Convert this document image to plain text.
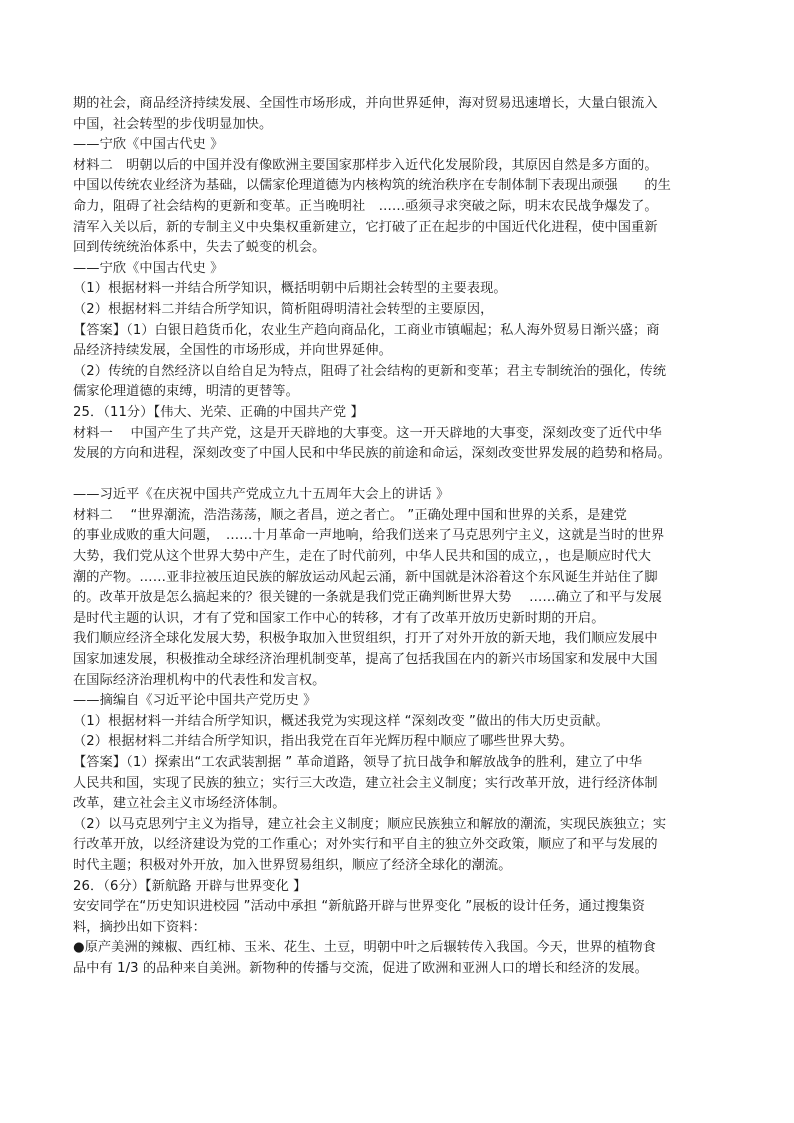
期的社会，商品经济持续发展、全国性市场形成，并向世界延伸，海对贸易迅速增长，大量白银流入
中国，社会转型的步伐明显加快。
——宁欣《中国古代史 》
材料二　明朝以后的中国并没有像欧洲主要国家那样步入近代化发展阶段，其原因自然是多方面的。
中国以传统农业经济为基础，以儒家伦理道德为内核构筑的统治秩序在专制体制下表现出顽强　　的生
命力，阻碍了社会结构的更新和变革。正当晚明社　……亟须寻求突破之际，明末农民战争爆发了。
清军入关以后，新的专制主义中央集权重新建立，它打破了正在起步的中国近代化进程，使中国重新
回到传统统治体系中，失去了蜕变的机会。
——宁欣《中国古代史 》
（1）根据材料一并结合所学知识，概括明朝中后期社会转型的主要表现。
（2）根据材料二并结合所学知识，简析阻碍明清社会转型的主要原因，
【答案】（1）白银日趋货币化，农业生产趋向商品化，工商业市镇崛起；私人海外贸易日渐兴盛；商
品经济持续发展，全国性的市场形成，并向世界延伸。
（2）传统的自然经济以自给自足为特点，阻碍了社会结构的更新和变革；君主专制统治的强化，传统
儒家伦理道德的束缚，明清的更替等。
25．（11分）【伟大、光荣、正确的中国共产党 】
材料一　 中国产生了共产党，这是开天辟地的大事变。这一开天辟地的大事变，深刻改变了近代中华
发展的方向和进程，深刻改变了中国人民和中华民族的前途和命运，深刻改变世界发展的趋势和格局。
——习近平《在庆祝中国共产党成立九十五周年大会上的讲话 》
材料二　 “世界潮流，浩浩荡荡，顺之者昌，逆之者亡。 ”正确处理中国和世界的关系，是建党
的事业成败的重大问题，　……十月革命一声地响，给我们送来了马克思列宁主义，这就是当时的世界
大势，我们党从这个世界大势中产生，走在了时代前列，中华人民共和国的成立，，也是顺应时代大
潮的产物。……亚非拉被压迫民族的解放运动风起云涌，新中国就是沐浴着这个东风诞生并站住了脚
的。改革开放是怎么搞起来的？很关键的一条就是我们党正确判断世界大势　 ……确立了和平与发展
是时代主题的认识，才有了党和国家工作中心的转移，才有了改革开放历史新时期的开启。
我们顺应经济全球化发展大势，积极争取加入世贸组织，打开了对外开放的新天地，我们顺应发展中
国家加速发展，积极推动全球经济治理机制变革，提高了包括我国在内的新兴市场国家和发展中大国
在国际经济治理机构中的代表性和发言权。
——摘编自《习近平论中国共产党历史 》
（1）根据材料一并结合所学知识，概述我党为实现这样 “深刻改变 ”做出的伟大历史贡献。
（2）根据材料二并结合所学知识，指出我党在百年光辉历程中顺应了哪些世界大势。
【答案】（1）探索出“工农武装割据 ” 革命道路，领导了抗日战争和解放战争的胜利，建立了中华
人民共和国，实现了民族的独立；实行三大改造，建立社会主义制度；实行改革开放，进行经济体制
改革，建立社会主义市场经济体制。
（2）以马克思列宁主义为指导，建立社会主义制度；顺应民族独立和解放的潮流，实现民族独立；实
行改革开放，以经济建设为党的工作重心；对外实行和平自主的独立外交政策，顺应了和平与发展的
时代主题；积极对外开放，加入世界贸易组织，顺应了经济全球化的潮流。
26．（6分）【新航路 开辟与世界变化 】
安安同学在“历史知识进校园 ”活动中承担 “新航路开辟与世界变化 ”展板的设计任务，通过搜集资
料，摘抄出如下资料：
●原产美洲的辣椒、西红柿、玉米、花生、土豆，明朝中叶之后辗转传入我国。今天，世界的植物食
品中有 1/3 的品种来自美洲。新物种的传播与交流，促进了欧洲和亚洲人口的增长和经济的发展。
